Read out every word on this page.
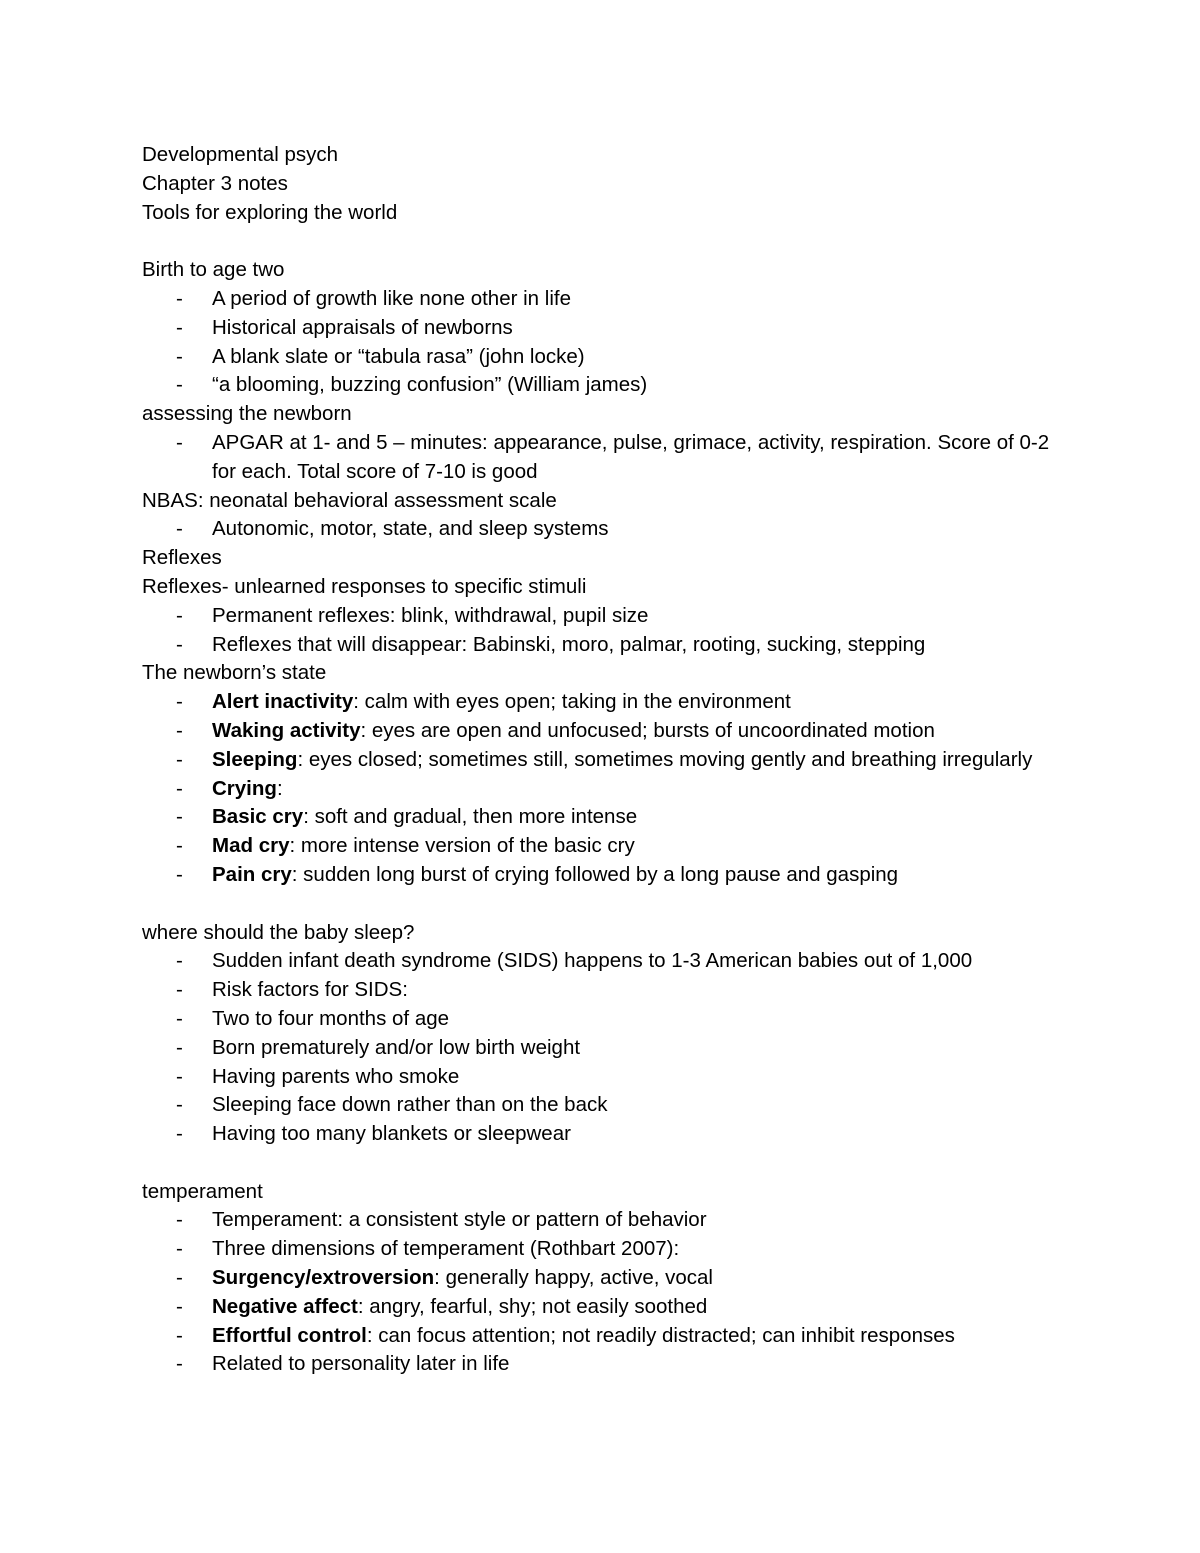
Developmental psych
Chapter 3 notes
Tools for exploring the world
Birth to age two
- A period of growth like none other in life
- Historical appraisals of newborns
- A blank slate or “tabula rasa” (john locke)
- “a blooming, buzzing confusion” (William james)
assessing the newborn
- APGAR at 1- and 5 – minutes: appearance, pulse, grimace, activity, respiration. Score of 0-2 for each. Total score of 7-10 is good
NBAS: neonatal behavioral assessment scale
- Autonomic, motor, state, and sleep systems
Reflexes
Reflexes- unlearned responses to specific stimuli
- Permanent reflexes: blink, withdrawal, pupil size
- Reflexes that will disappear: Babinski, moro, palmar, rooting, sucking, stepping
The newborn’s state
- Alert inactivity: calm with eyes open; taking in the environment
- Waking activity: eyes are open and unfocused; bursts of uncoordinated motion
- Sleeping: eyes closed; sometimes still, sometimes moving gently and breathing irregularly
- Crying:
- Basic cry: soft and gradual, then more intense
- Mad cry: more intense version of the basic cry
- Pain cry: sudden long burst of crying followed by a long pause and gasping
where should the baby sleep?
- Sudden infant death syndrome (SIDS) happens to 1-3 American babies out of 1,000
- Risk factors for SIDS:
- Two to four months of age
- Born prematurely and/or low birth weight
- Having parents who smoke
- Sleeping face down rather than on the back
- Having too many blankets or sleepwear
temperament
- Temperament: a consistent style or pattern of behavior
- Three dimensions of temperament (Rothbart 2007):
- Surgency/extroversion: generally happy, active, vocal
- Negative affect: angry, fearful, shy; not easily soothed
- Effortful control: can focus attention; not readily distracted; can inhibit responses
- Related to personality later in life
